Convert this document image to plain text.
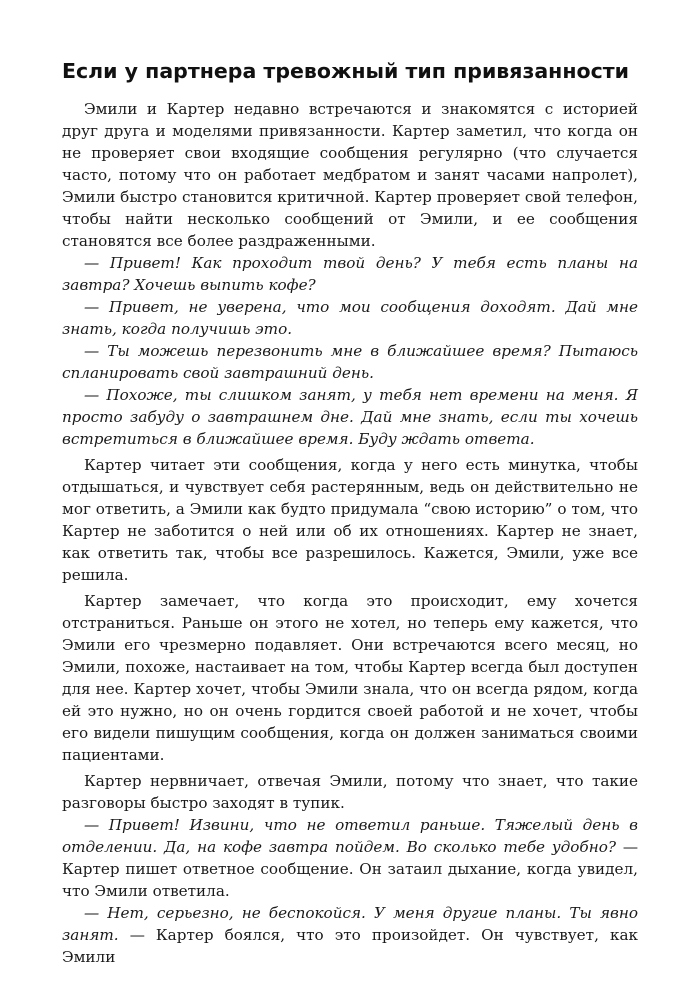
Если у партнера тревожный тип привязанности

Эмили и Картер недавно встречаются и знакомятся с историей друг друга и моделями привязанности. Картер заметил, что когда он не проверяет свои входящие сообщения регулярно (что случается часто, потому что он работает медбратом и занят часами напролет), Эмили быстро становится критичной. Картер проверяет свой телефон, чтобы найти несколько сообщений от Эмили, и ее сообщения становятся все более раздраженными.

— Привет! Как проходит твой день? У тебя есть планы на завтра? Хочешь выпить кофе?

— Привет, не уверена, что мои сообщения доходят. Дай мне знать, когда получишь это.

— Ты можешь перезвонить мне в ближайшее время? Пытаюсь спланировать свой завтрашний день.

— Похоже, ты слишком занят, у тебя нет времени на меня. Я просто забуду о завтрашнем дне. Дай мне знать, если ты хочешь встретиться в ближайшее время. Буду ждать ответа.

Картер читает эти сообщения, когда у него есть минутка, чтобы отдышаться, и чувствует себя растерянным, ведь он действительно не мог ответить, а Эмили как будто придумала “свою историю” о том, что Картер не заботится о ней или об их отношениях. Картер не знает, как ответить так, чтобы все разрешилось. Кажется, Эмили, уже все решила.

Картер замечает, что когда это происходит, ему хочется отстраниться. Раньше он этого не хотел, но теперь ему кажется, что Эмили его чрезмерно подавляет. Они встречаются всего месяц, но Эмили, похоже, настаивает на том, чтобы Картер всегда был доступен для нее. Картер хочет, чтобы Эмили знала, что он всегда рядом, когда ей это нужно, но он очень гордится своей работой и не хочет, чтобы его видели пишущим сообщения, когда он должен заниматься своими пациентами.

Картер нервничает, отвечая Эмили, потому что знает, что такие разговоры быстро заходят в тупик.

— Привет! Извини, что не ответил раньше. Тяжелый день в отделении. Да, на кофе завтра пойдем. Во сколько тебе удобно? — Картер пишет ответное сообщение. Он затаил дыхание, когда увидел, что Эмили ответила.

— Нет, серьезно, не беспокойся. У меня другие планы. Ты явно занят. — Картер боялся, что это произойдет. Он чувствует, как Эмили
